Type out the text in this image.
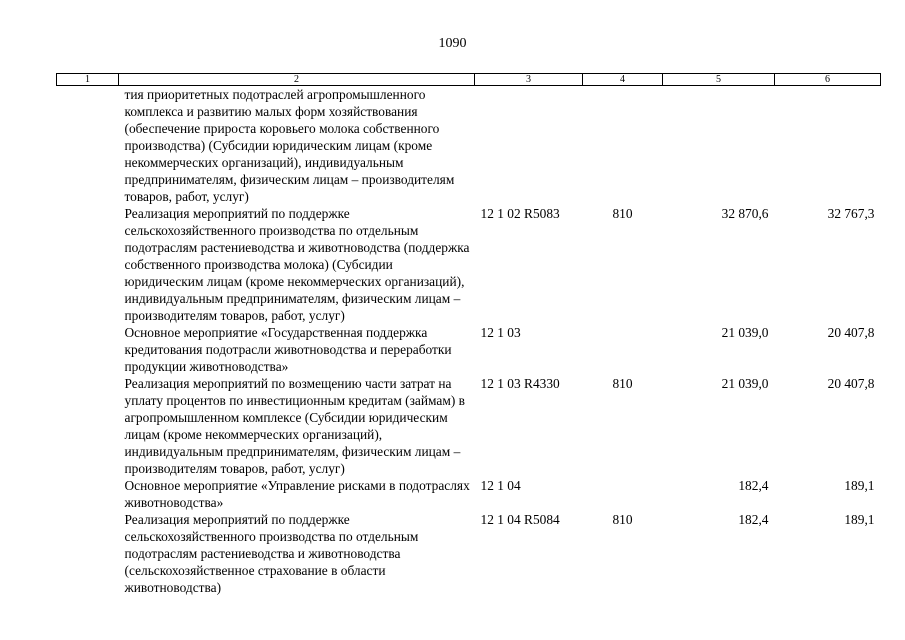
1090
1	2	3	4	5	6
	тия приоритетных подотраслей агропромышленного комплекса и развитию малых форм хозяйствования (обеспечение прироста коровьего молока собственного производства) (Субсидии юридическим лицам (кроме некоммерческих организаций), индивидуальным предпринимателям, физическим лицам – производителям товаров, работ, услуг)				
	Реализация мероприятий по поддержке сельскохозяйственного производства по отдельным подотраслям растениеводства и животноводства (поддержка собственного производства молока) (Субсидии юридическим лицам (кроме некоммерческих организаций), индивидуальным предпринимателям, физическим лицам – производителям товаров, работ, услуг)	12 1 02 R5083	810	32 870,6	32 767,3
	Основное мероприятие «Государственная поддержка кредитования подотрасли животноводства и переработки продукции животноводства»	12 1 03		21 039,0	20 407,8
	Реализация мероприятий по возмещению части затрат на уплату процентов по инвестиционным кредитам (займам) в агропромышленном комплексе (Субсидии юридическим лицам (кроме некоммерческих организаций), индивидуальным предпринимателям, физическим лицам – производителям товаров, работ, услуг)	12 1 03 R4330	810	21 039,0	20 407,8
	Основное мероприятие «Управление рисками в подотраслях животноводства»	12 1 04		182,4	189,1
	Реализация мероприятий по поддержке сельскохозяйственного производства по отдельным подотраслям растениеводства и животноводства (сельскохозяйственное страхование в области животноводства)	12 1 04 R5084	810	182,4	189,1
